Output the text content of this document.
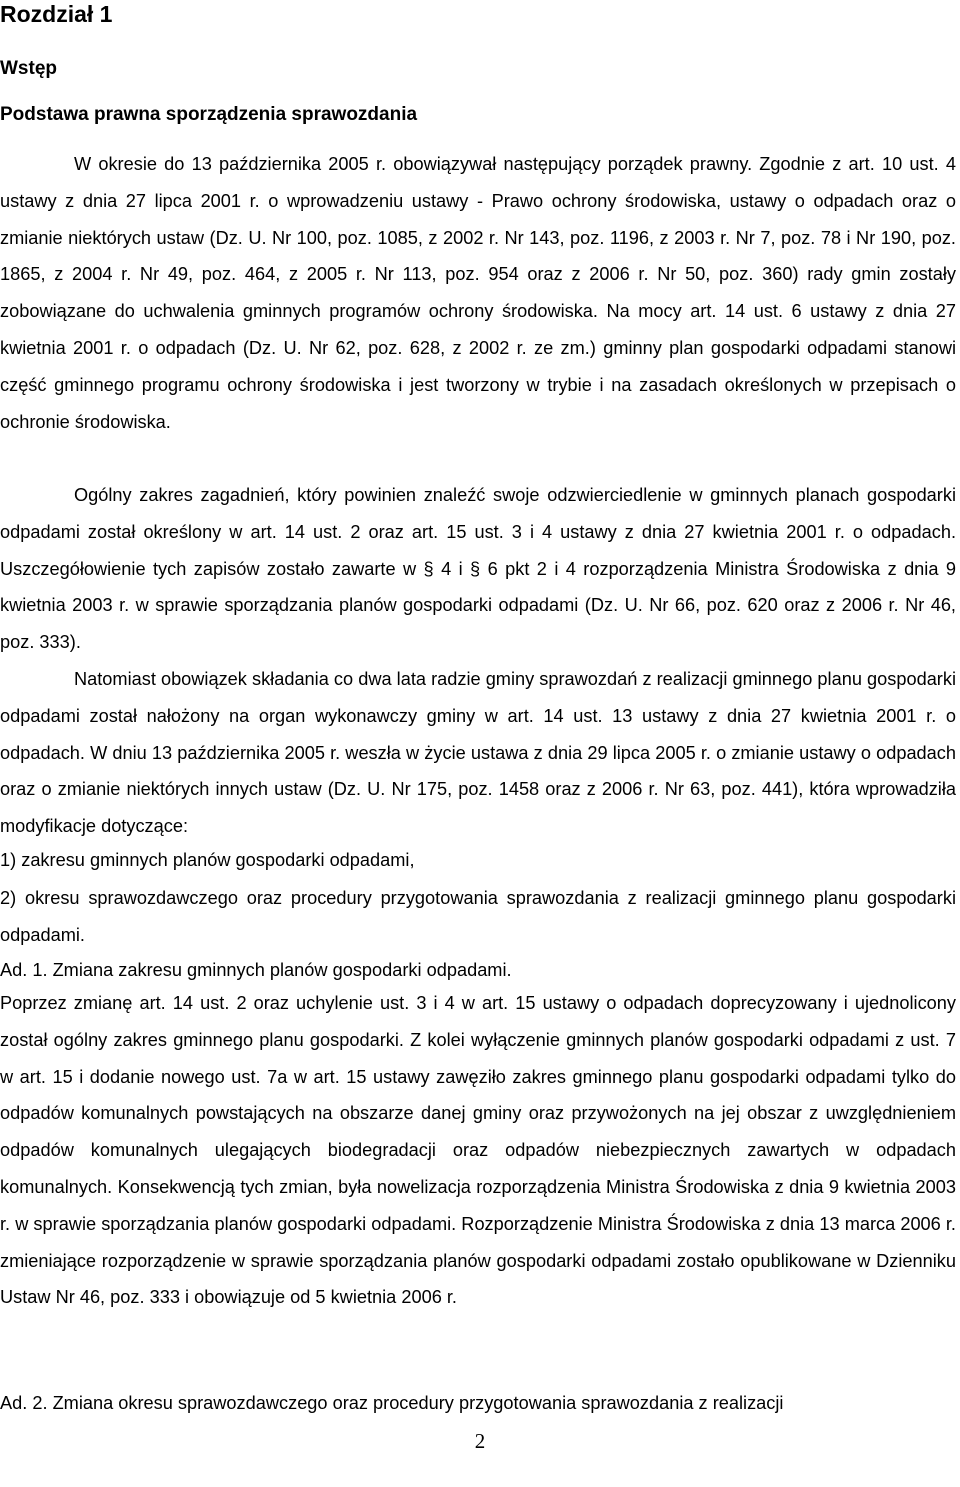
Rozdział 1
Wstęp
Podstawa prawna sporządzenia sprawozdania

W okresie do 13 października 2005 r. obowiązywał następujący porządek prawny. Zgodnie z art. 10 ust. 4 ustawy z dnia 27 lipca 2001 r. o wprowadzeniu ustawy - Prawo ochrony środowiska, ustawy o odpadach oraz o zmianie niektórych ustaw (Dz. U. Nr 100, poz. 1085, z 2002 r. Nr 143, poz. 1196, z 2003 r. Nr 7, poz. 78 i Nr 190, poz. 1865, z 2004 r. Nr 49, poz. 464, z 2005 r. Nr 113, poz. 954 oraz z 2006 r. Nr 50, poz. 360) rady gmin zostały zobowiązane do uchwalenia gminnych programów ochrony środowiska. Na mocy art. 14 ust. 6 ustawy z dnia 27 kwietnia 2001 r. o odpadach (Dz. U. Nr 62, poz. 628, z 2002 r. ze zm.) gminny plan gospodarki odpadami stanowi część gminnego programu ochrony środowiska i jest tworzony w trybie i na zasadach określonych w przepisach o ochronie środowiska.

Ogólny zakres zagadnień, który powinien znaleźć swoje odzwierciedlenie w gminnych planach gospodarki odpadami został określony w art. 14 ust. 2 oraz art. 15 ust. 3 i 4 ustawy z dnia 27 kwietnia 2001 r. o odpadach. Uszczegółowienie tych zapisów zostało zawarte w § 4 i § 6 pkt 2 i 4 rozporządzenia Ministra Środowiska z dnia 9 kwietnia 2003 r. w sprawie sporządzania planów gospodarki odpadami (Dz. U. Nr 66, poz. 620 oraz z 2006 r. Nr 46, poz. 333).

Natomiast obowiązek składania co dwa lata radzie gminy sprawozdań z realizacji gminnego planu gospodarki odpadami został nałożony na organ wykonawczy gminy w art. 14 ust. 13 ustawy z dnia 27 kwietnia 2001 r. o odpadach. W dniu 13 października 2005 r. weszła w życie ustawa z dnia 29 lipca 2005 r. o zmianie ustawy o odpadach oraz o zmianie niektórych innych ustaw (Dz. U. Nr 175, poz. 1458 oraz z 2006 r. Nr 63, poz. 441), która wprowadziła modyfikacje dotyczące:

1) zakresu gminnych planów gospodarki odpadami,

2) okresu sprawozdawczego oraz procedury przygotowania sprawozdania z realizacji gminnego planu gospodarki odpadami.

Ad. 1. Zmiana zakresu gminnych planów gospodarki odpadami.

Poprzez zmianę art. 14 ust. 2 oraz uchylenie ust. 3 i 4 w art. 15 ustawy o odpadach doprecyzowany i ujednolicony został ogólny zakres gminnego planu gospodarki. Z kolei wyłączenie gminnych planów gospodarki odpadami z ust. 7 w art. 15 i dodanie nowego ust. 7a w art. 15 ustawy zawęziło zakres gminnego planu gospodarki odpadami tylko do odpadów komunalnych powstających na obszarze danej gminy oraz przywożonych na jej obszar z uwzględnieniem odpadów komunalnych ulegających biodegradacji oraz odpadów niebezpiecznych zawartych w odpadach komunalnych. Konsekwencją tych zmian, była nowelizacja rozporządzenia Ministra Środowiska z dnia 9 kwietnia 2003 r. w sprawie sporządzania planów gospodarki odpadami. Rozporządzenie Ministra Środowiska z dnia 13 marca 2006 r. zmieniające rozporządzenie w sprawie sporządzania planów gospodarki odpadami zostało opublikowane w Dzienniku Ustaw Nr 46, poz. 333 i obowiązuje od 5 kwietnia 2006 r.

Ad. 2. Zmiana okresu sprawozdawczego oraz procedury przygotowania sprawozdania z realizacji

2
